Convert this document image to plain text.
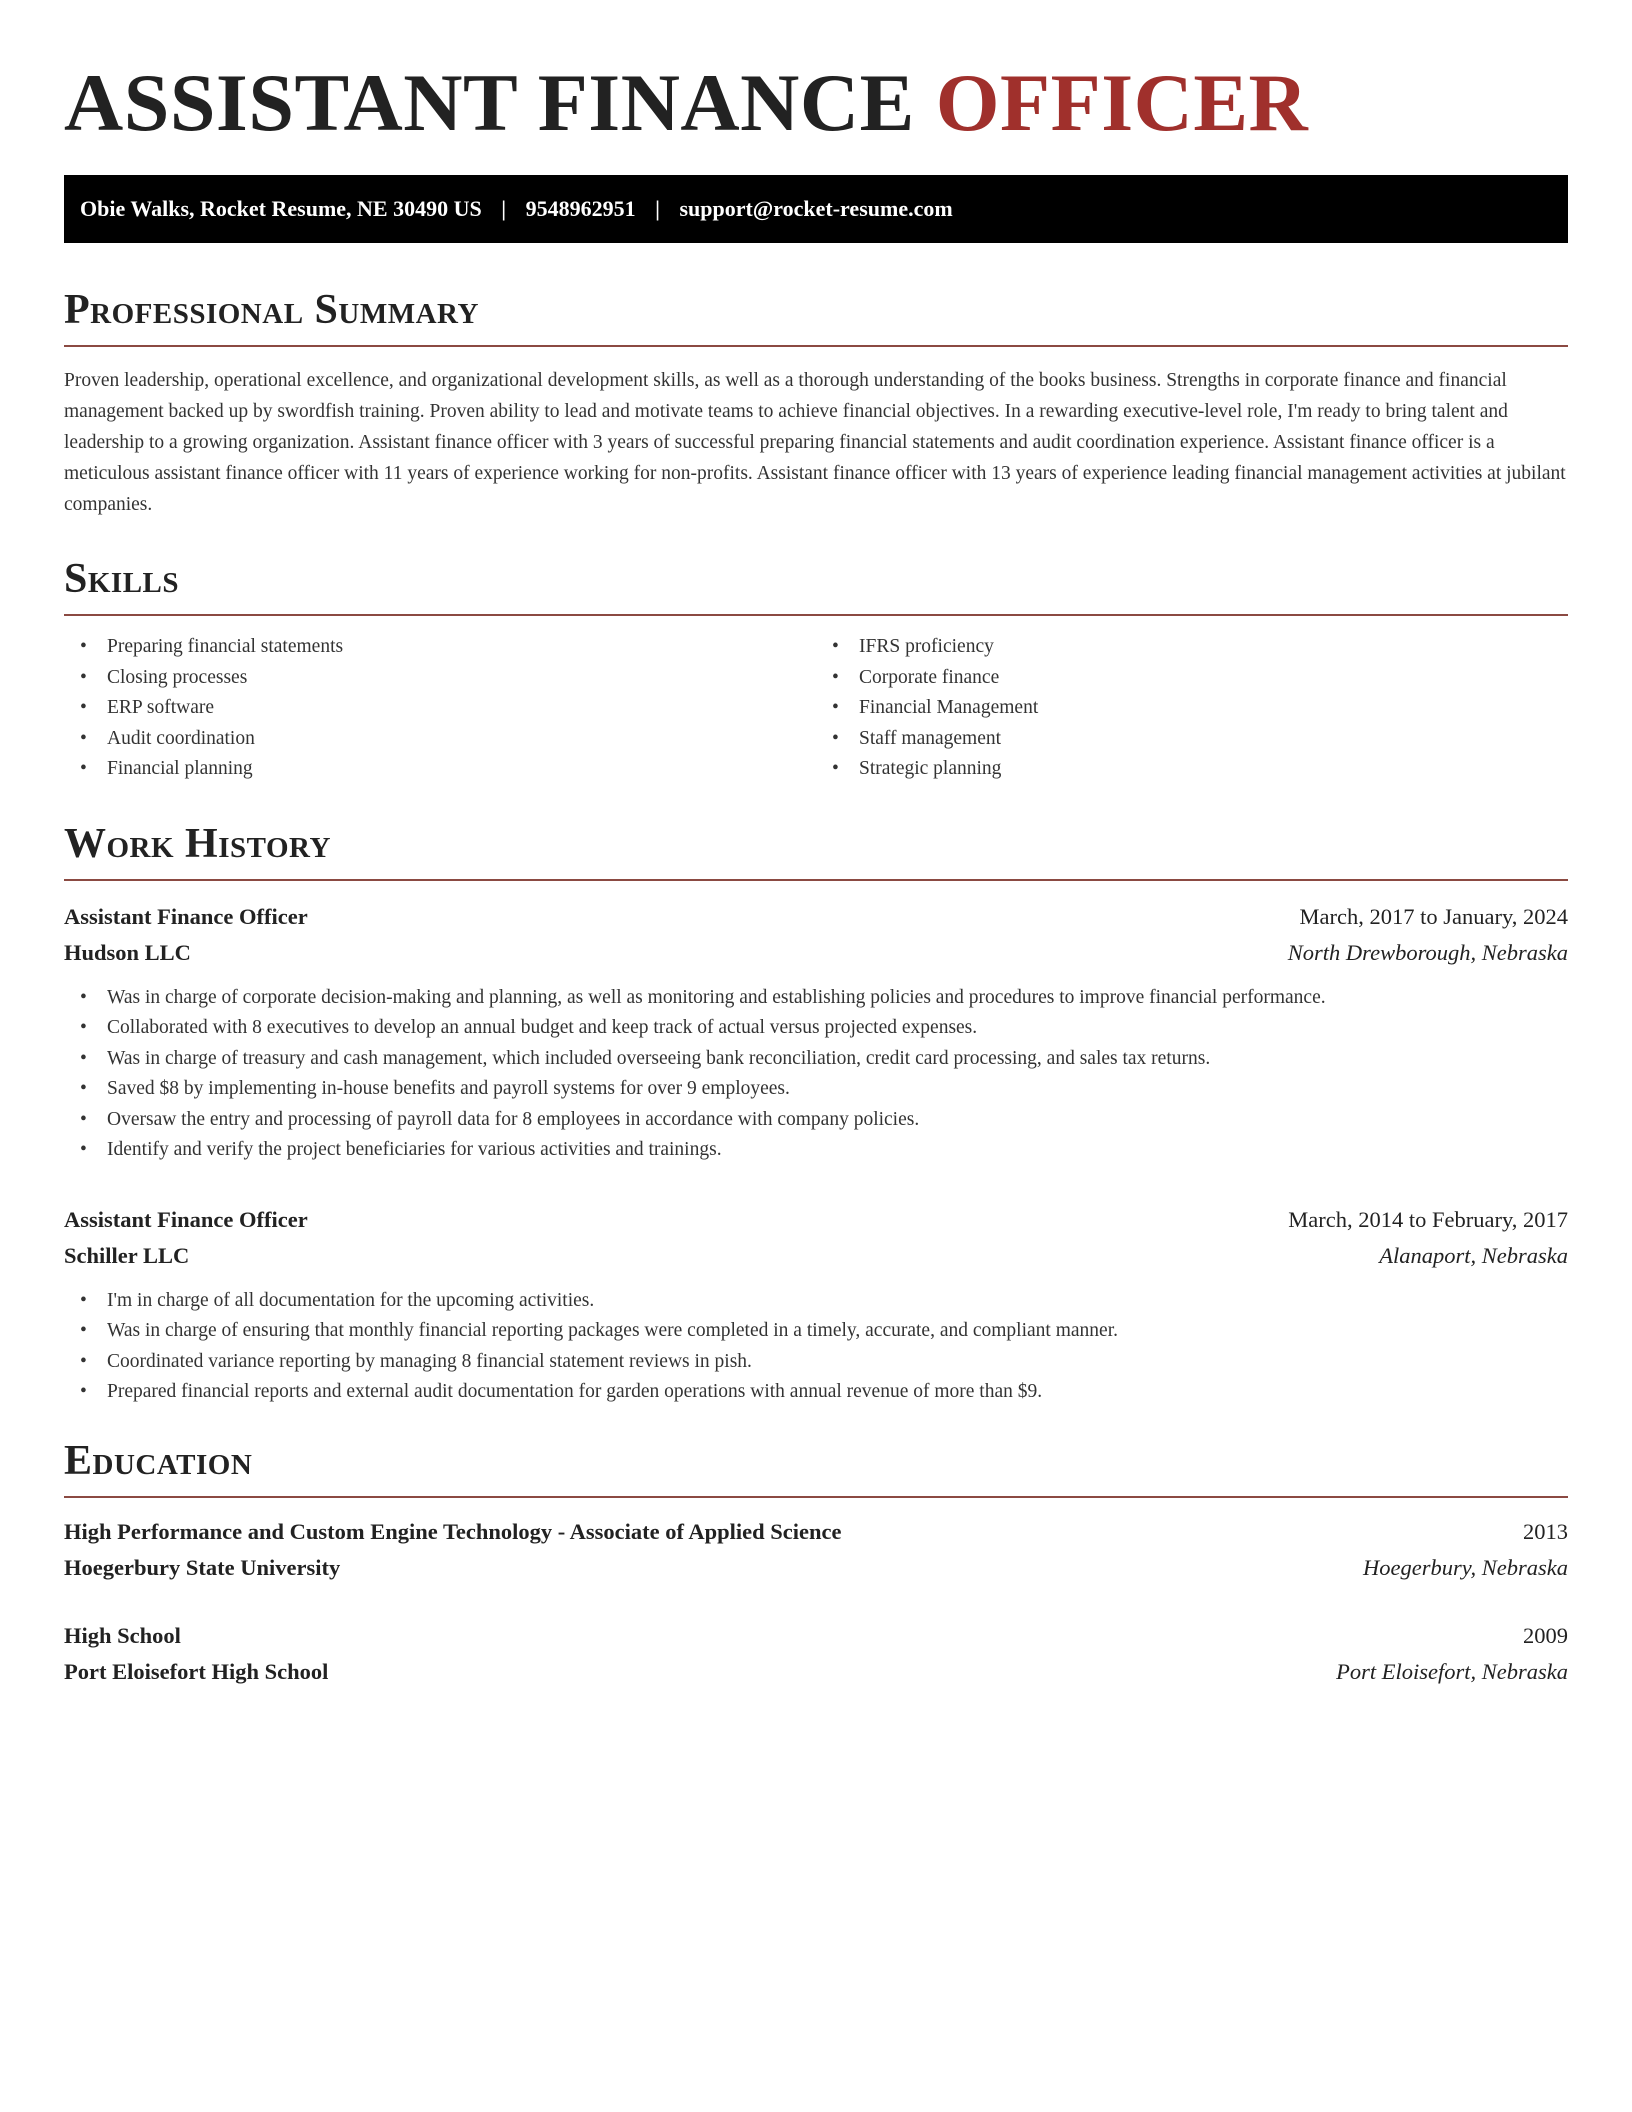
ASSISTANT FINANCE OFFICER
Obie Walks, Rocket Resume, NE 30490 US | 9548962951 | support@rocket-resume.com
Professional Summary

Proven leadership, operational excellence, and organizational development skills, as well as a thorough understanding of the books business. Strengths in corporate finance and financial management backed up by swordfish training. Proven ability to lead and motivate teams to achieve financial objectives. In a rewarding executive-level role, I'm ready to bring talent and leadership to a growing organization. Assistant finance officer with 3 years of successful preparing financial statements and audit coordination experience. Assistant finance officer is a meticulous assistant finance officer with 11 years of experience working for non-profits. Assistant finance officer with 13 years of experience leading financial management activities at jubilant companies.

Skills
• Preparing financial statements
• Closing processes
• ERP software
• Audit coordination
• Financial planning
• IFRS proficiency
• Corporate finance
• Financial Management
• Staff management
• Strategic planning
Work History
Assistant Finance Officer	March, 2017 to January, 2024
Hudson LLC	North Drewborough, Nebraska
• Was in charge of corporate decision-making and planning, as well as monitoring and establishing policies and procedures to improve financial performance.
• Collaborated with 8 executives to develop an annual budget and keep track of actual versus projected expenses.
• Was in charge of treasury and cash management, which included overseeing bank reconciliation, credit card processing, and sales tax returns.
• Saved $8 by implementing in-house benefits and payroll systems for over 9 employees.
• Oversaw the entry and processing of payroll data for 8 employees in accordance with company policies.
• Identify and verify the project beneficiaries for various activities and trainings.
Assistant Finance Officer	March, 2014 to February, 2017
Schiller LLC	Alanaport, Nebraska
• I'm in charge of all documentation for the upcoming activities.
• Was in charge of ensuring that monthly financial reporting packages were completed in a timely, accurate, and compliant manner.
• Coordinated variance reporting by managing 8 financial statement reviews in pish.
• Prepared financial reports and external audit documentation for garden operations with annual revenue of more than $9.
Education
High Performance and Custom Engine Technology - Associate of Applied Science	2013
Hoegerbury State University	Hoegerbury, Nebraska
High School	2009
Port Eloisefort High School	Port Eloisefort, Nebraska
